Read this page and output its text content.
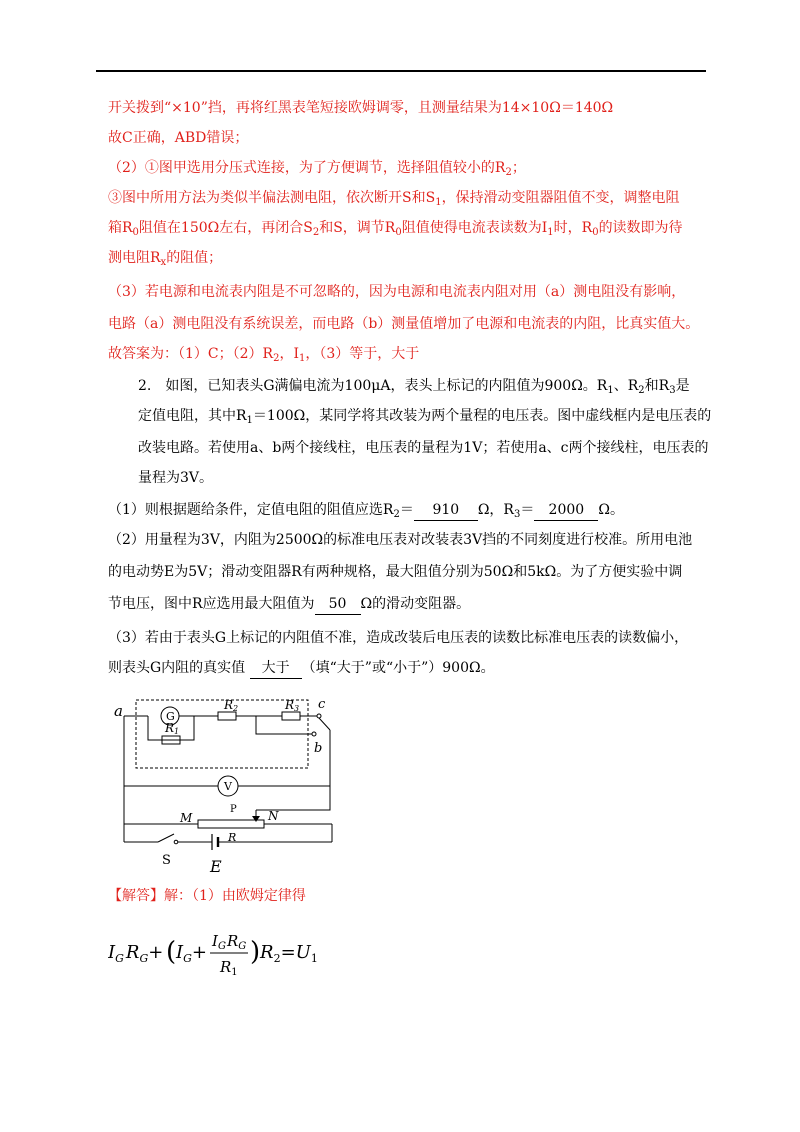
开关拨到“×10”挡，再将红黑表笔短接欧姆调零，且测量结果为14×10Ω＝140Ω
故C正确，ABD错误；
（2）①图甲选用分压式连接，为了方便调节，选择阻值较小的$R_2$；
③图中所用方法为类似半偏法测电阻，依次断开S和$S_1$，保持滑动变阻器阻值不变，调整电阻
箱$R_0$阻值在150Ω左右，再闭合$S_2$和S，调节$R_0$阻值使得电流表读数为$I_1$时，$R_0$的读数即为待
测电阻$R_x$的阻值；
（3）若电源和电流表内阻是不可忽略的，因为电源和电流表内阻对用（a）测电阻没有影响，
电路（a）测电阻没有系统误差，而电路（b）测量值增加了电源和电流表的内阻，比真实值大。
故答案为：（1）C；$(2)R_2$，$I_1$，（3）等于，大于
2.　如图，已知表头G满偏电流为100μA，表头上标记的内阻值为900Ω。$R_1$、$R_2$和$R_3$是
定值电阻，其中$R_1=100\Omega$，某同学将其改装为两个量程的电压表。图中虚线框内是电压表的
改装电路。若使用a、b两个接线柱，电压表的量程为1V；若使用a、c两个接线柱，电压表的
量程为3V。
（1）则根据题给条件，定值电阻的阻值应选$R_2= 910$ Ω，$R_3= 2000$ Ω。
（2）用量程为3V，内阻为2500Ω的标准电压表对改装表3V挡的不同刻度进行校准。所用电池
的电动势E为5V；滑动变阻器R有两种规格，最大阻值分别为50Ω和5kΩ。为了方便实验中调
节电压，图中R应选用最大阻值为 50 Ω的滑动变阻器。
（3）若由于表头G上标记的内阻值不准，造成改装后电压表的读数比标准电压表的读数偏小，
则表头G内阻的真实值 大于 （填“大于”或“小于”）900Ω。
G
R2	R3 c
R1
b
a
V
P
M	N
R
S E
【解答】解：（1）由欧姆定律得
$I_G$ $R_G+$ ( $I_G+$
$I_GR_G$
$R_1$
) $R_2=U_1$
